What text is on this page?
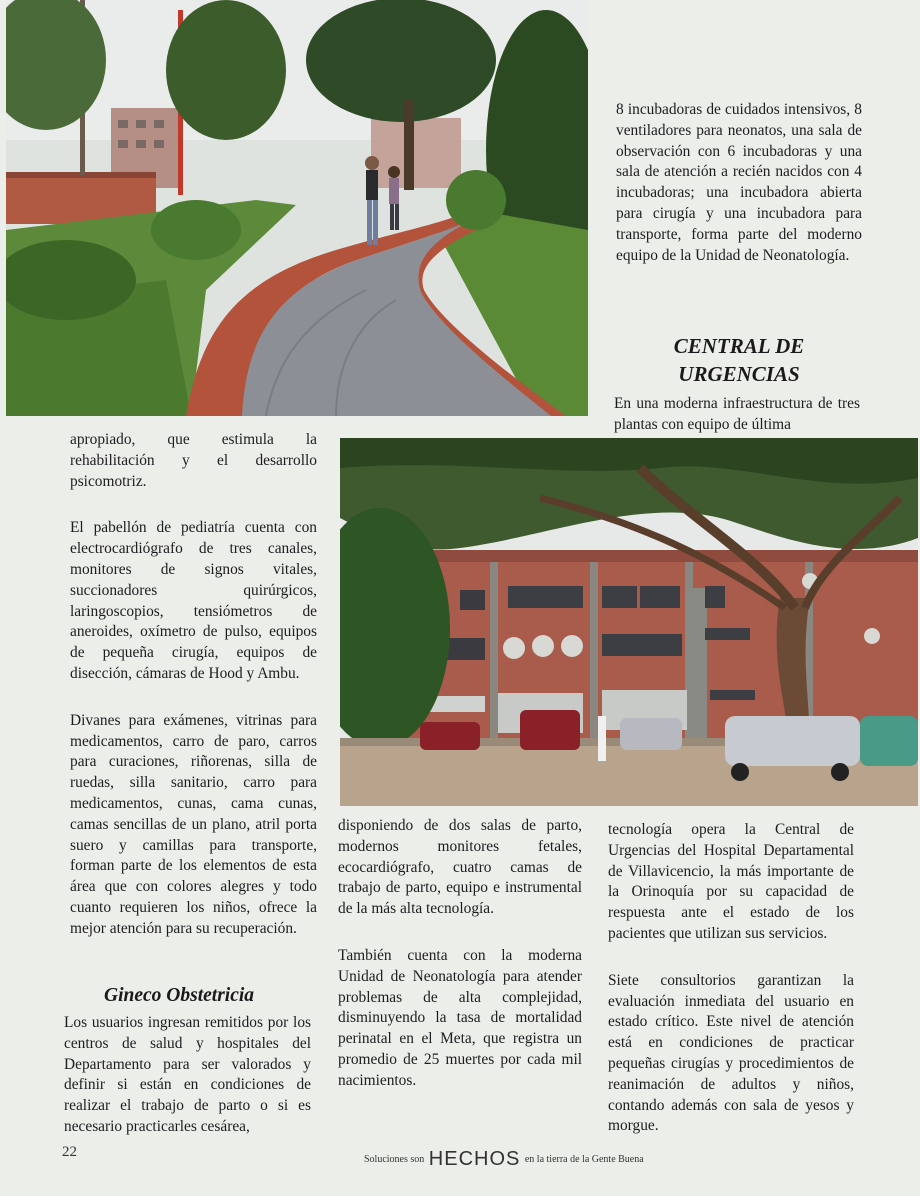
8 incubadoras de cuidados intensivos, 8 ventiladores para neonatos, una sala de observación con 6 incubadoras y una sala de atención a recién nacidos con 4 incubadoras; una incubadora abierta para cirugía y una incubadora para transporte, forma parte del moderno equipo de la Unidad de Neonatología.

CENTRAL DE
URGENCIAS

En una moderna infraestructura de tres plantas con equipo de última

apropiado, que estimula la rehabilitación y el desarrollo psicomotriz.

El pabellón de pediatría cuenta con electrocardiógrafo de tres canales, monitores de signos vitales, succionadores quirúrgicos, laringoscopios, tensiómetros de aneroides, oxímetro de pulso, equipos de pequeña cirugía, equipos de disección, cámaras de Hood y Ambu.

Divanes para exámenes, vitrinas para medicamentos, carro de paro, carros para curaciones, riñorenas, silla de ruedas, silla sanitario, carro para medicamentos, cunas, cama cunas, camas sencillas de un plano, atril porta suero y camillas para transporte, forman parte de los elementos de esta área que con colores alegres y todo cuanto requieren los niños, ofrece la mejor atención para su recuperación.

Gineco Obstetricia

Los usuarios ingresan remitidos por los centros de salud y hospitales del Departamento para ser valorados y definir si están en condiciones de realizar el trabajo de parto o si es necesario practicarles cesárea,

disponiendo de dos salas de parto, modernos monitores fetales, ecocardiógrafo, cuatro camas de trabajo de parto, equipo e instrumental de la más alta tecnología.

También cuenta con la moderna Unidad de Neonatología para atender problemas de alta complejidad, disminuyendo la tasa de mortalidad perinatal en el Meta, que registra un promedio de 25 muertes por cada mil nacimientos.

tecnología opera la Central de Urgencias del Hospital Departamental de Villavicencio, la más importante de la Orinoquía por su capacidad de respuesta ante el estado de los pacientes que utilizan sus servicios.

Siete consultorios garantizan la evaluación inmediata del usuario en estado crítico. Este nivel de atención está en condiciones de practicar pequeñas cirugías y procedimientos de reanimación de adultos y niños, contando además con sala de yesos y morgue.

22	Soluciones son HECHOS en la tierra de la Gente Buena
